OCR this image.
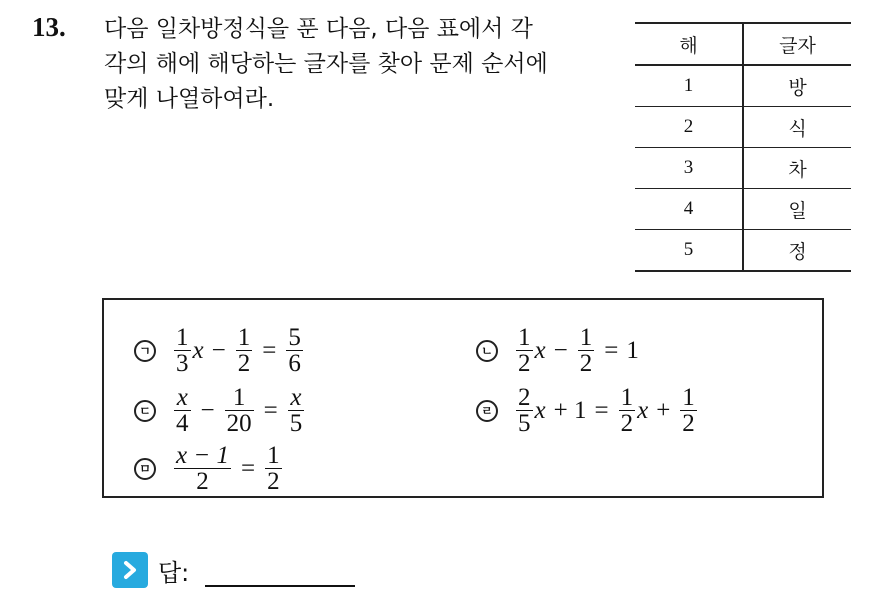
13. 다음 일차방정식을 푼 다음, 다음 표에서 각
각의 해에 해당하는 글자를 찾아 문제 순서에
맞게 나열하여라.
해	글자
1	방
2	식
3	차
4	일
5	정
ㄱ $\frac{1}{3}$ $x - \frac{1}{2} = \frac{5}{6}$	ㄴ $\frac{1}{2}$ $x - \frac{1}{2} = 1$
ㄷ $\frac{x}{4} - \frac{1}{20} = \frac{x}{5}$	ㄹ $\frac{2}{5}$ $x + 1 = \frac{1}{2}$ $x + \frac{1}{2}$
ㅁ $\frac{x - 1}{2} = \frac{1}{2}$
답:
